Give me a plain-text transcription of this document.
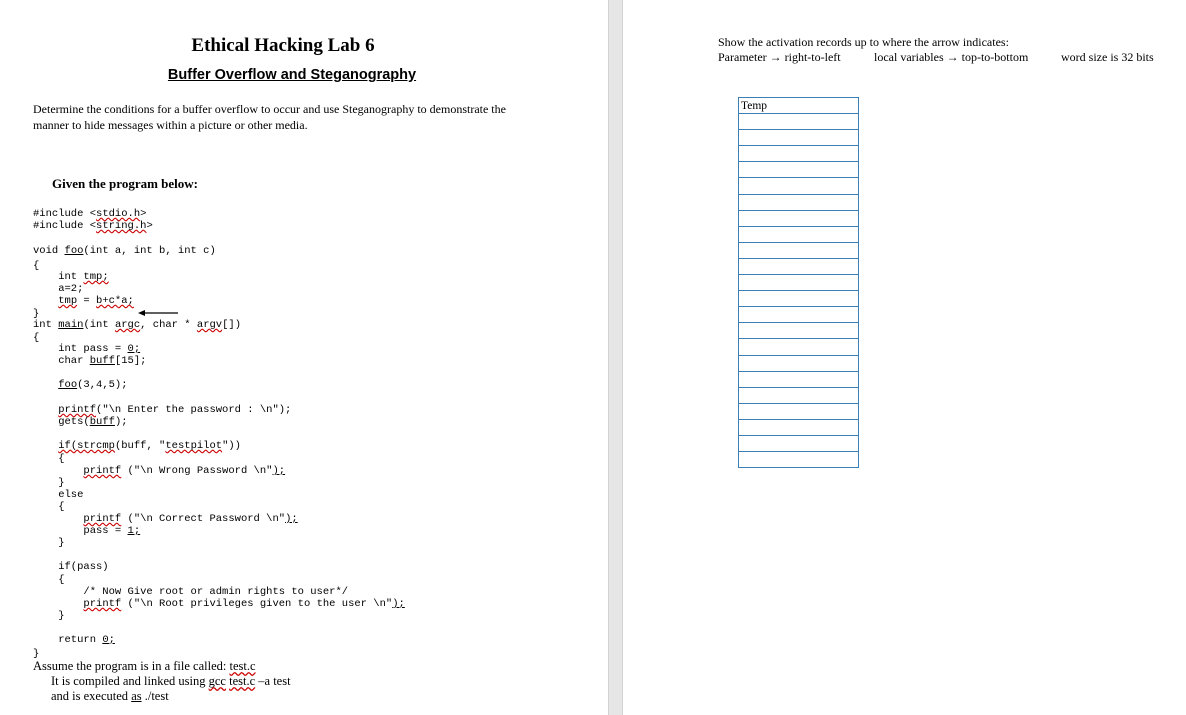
Ethical Hacking Lab 6
Buffer Overflow and Steganography
Determine the conditions for a buffer overflow to occur and use Steganography to demonstrate the manner to hide messages within a picture or other media.
Given the program below:
#include <stdio.h>
#include <string.h>
void foo(int a, int b, int c)
{
int tmp;
a=2;
tmp = b+c*a;
}
int main(int argc, char * argv[])
{
int pass = 0;
char buff[15];
foo(3,4,5);
printf("\n Enter the password : \n");
gets(buff);
if(strcmp(buff, "testpilot"))
{
printf ("\n Wrong Password \n");
}
else
{
printf ("\n Correct Password \n");
pass = 1;
}
if(pass)
{
/* Now Give root or admin rights to user*/
printf ("\n Root privileges given to the user \n");
}
return 0;
}
Assume the program is in a file called: test.c
It is compiled and linked using gcc test.c –a test
and is executed as ./test
Show the activation records up to where the arrow indicates:
Parameter → right-to-left	local variables → top-to-bottom	word size is 32 bits
Temp
